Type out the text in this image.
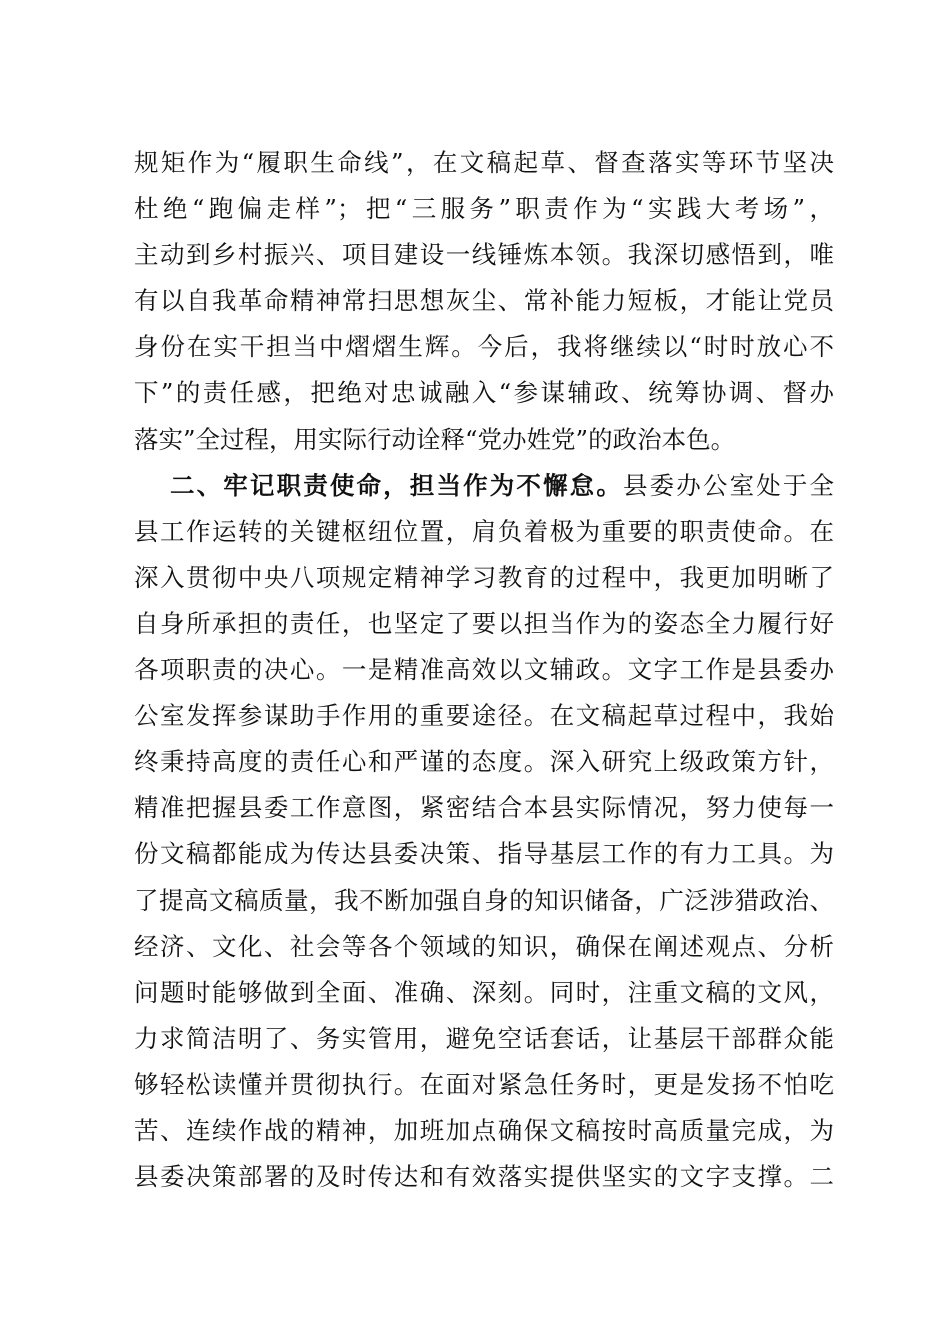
规矩作为“履职生命线”，在文稿起草、督查落实等环节坚决
杜绝“跑偏走样”；把“三服务”职责作为“实践大考场”，
主动到乡村振兴、项目建设一线锤炼本领。我深切感悟到，唯
有以自我革命精神常扫思想灰尘、常补能力短板，才能让党员
身份在实干担当中熠熠生辉。今后，我将继续以“时时放心不
下”的责任感，把绝对忠诚融入“参谋辅政、统筹协调、督办
落实”全过程，用实际行动诠释“党办姓党”的政治本色。
二、牢记职责使命，担当作为不懈怠。县委办公室处于全
县工作运转的关键枢纽位置，肩负着极为重要的职责使命。在
深入贯彻中央八项规定精神学习教育的过程中，我更加明晰了
自身所承担的责任，也坚定了要以担当作为的姿态全力履行好
各项职责的决心。一是精准高效以文辅政。文字工作是县委办
公室发挥参谋助手作用的重要途径。在文稿起草过程中，我始
终秉持高度的责任心和严谨的态度。深入研究上级政策方针，
精准把握县委工作意图，紧密结合本县实际情况，努力使每一
份文稿都能成为传达县委决策、指导基层工作的有力工具。为
了提高文稿质量，我不断加强自身的知识储备，广泛涉猎政治、
经济、文化、社会等各个领域的知识，确保在阐述观点、分析
问题时能够做到全面、准确、深刻。同时，注重文稿的文风，
力求简洁明了、务实管用，避免空话套话，让基层干部群众能
够轻松读懂并贯彻执行。在面对紧急任务时，更是发扬不怕吃
苦、连续作战的精神，加班加点确保文稿按时高质量完成，为
县委决策部署的及时传达和有效落实提供坚实的文字支撑。二
